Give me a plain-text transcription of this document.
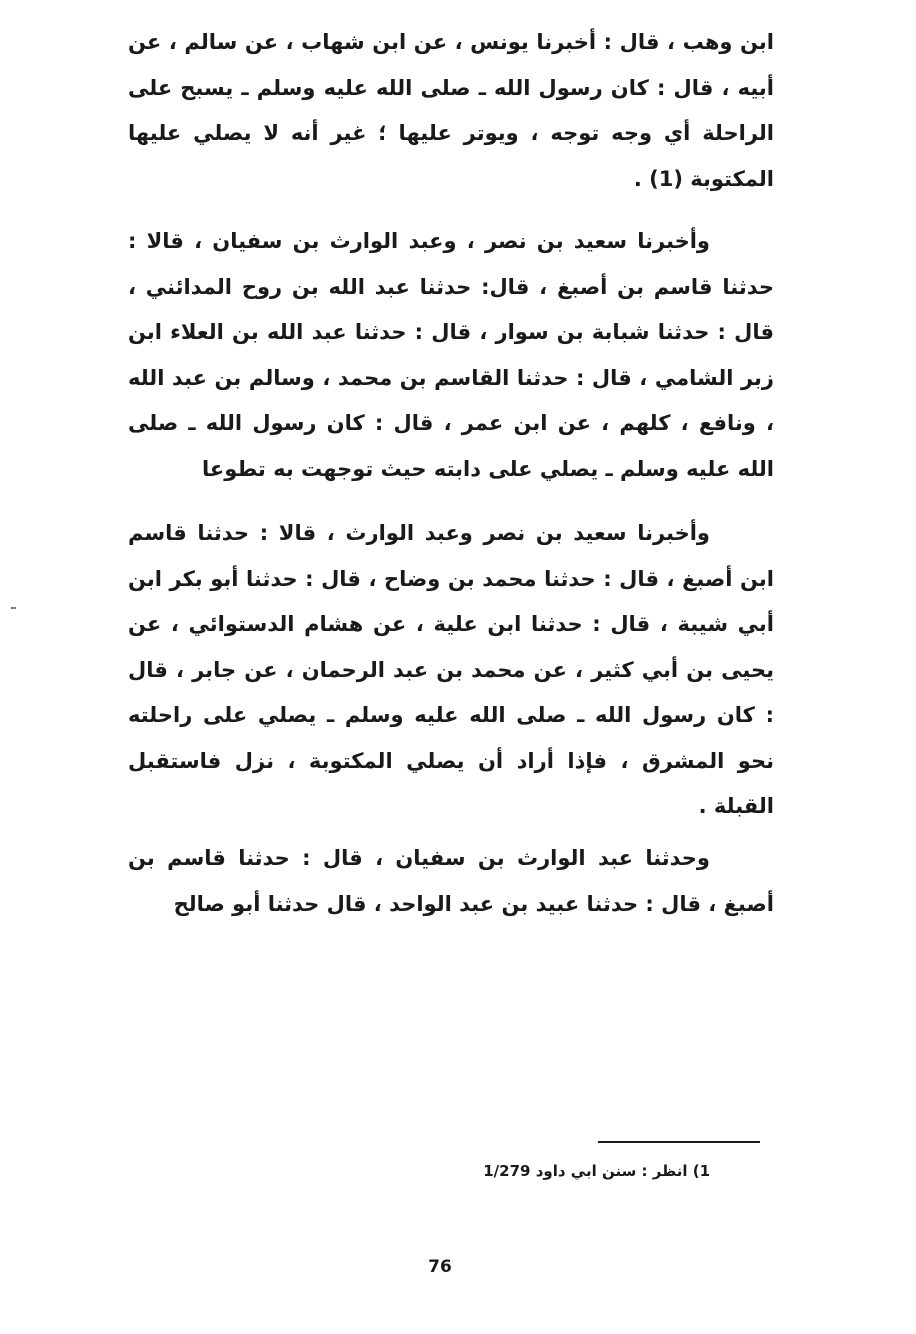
ابن وهب ، قال : أخبرنا يونس ، عن ابن شهاب ، عن سالم ، عن أبيه ، قال : كان رسول الله ـ صلى الله عليه وسلم ـ يسبح على الراحلة أي وجه توجه ، ويوتر عليها ؛ غير أنه لا يصلي عليها المكتوبة (1) .

وأخبرنا سعيد بن نصر ، وعبد الوارث بن سفيان ، قالا : حدثنا قاسم بن أصبغ ، قال: حدثنا عبد الله بن روح المدائني ، قال : حدثنا شبابة بن سوار ، قال : حدثنا عبد الله بن العلاء ابن زبر الشامي ، قال : حدثنا القاسم بن محمد ، وسالم بن عبد الله ، ونافع ، كلهم ، عن ابن عمر ، قال : كان رسول الله ـ صلى الله عليه وسلم ـ يصلي على دابته حيث توجهت به تطوعا

وأخبرنا سعيد بن نصر وعبد الوارث ، قالا : حدثنا قاسم ابن أصبغ ، قال : حدثنا محمد بن وضاح ، قال : حدثنا أبو بكر ابن أبي شيبة ، قال : حدثنا ابن علية ، عن هشام الدستوائي ، عن يحيى بن أبي كثير ، عن محمد بن عبد الرحمان ، عن جابر ، قال : كان رسول الله ـ صلى الله عليه وسلم ـ يصلي على راحلته نحو المشرق ، فإذا أراد أن يصلي المكتوبة ، نزل فاستقبل القبلة .

وحدثنا عبد الوارث بن سفيان ، قال : حدثنا قاسم بن أصبغ ، قال : حدثنا عبيد بن عبد الواحد ، قال حدثنا أبو صالح

1) انظر : سنن ابي داود 1/279
76
